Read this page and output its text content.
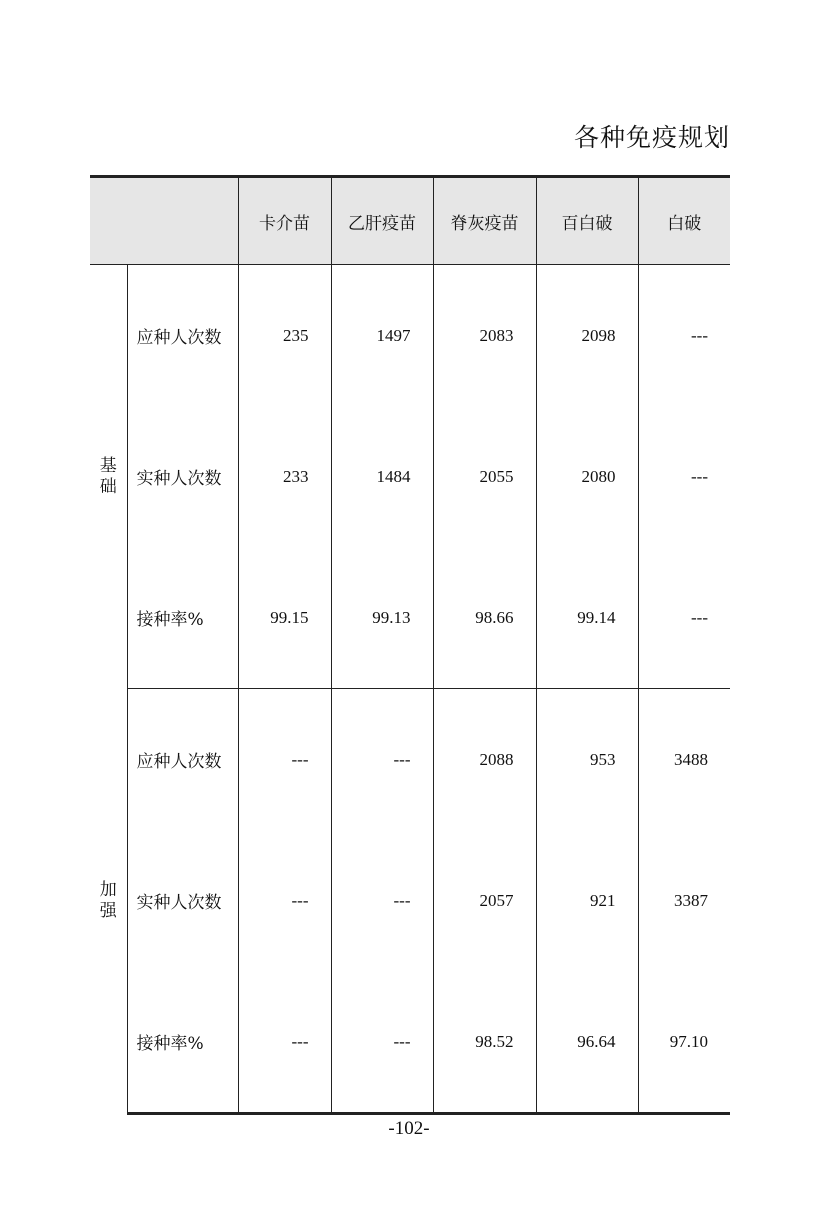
各种免疫规划
		卡介苗	乙肝疫苗	脊灰疫苗	百白破	白破
基础	应种人次数	235	1497	2083	2098	---
	实种人次数	233	1484	2055	2080	---
	接种率%	99.15	99.13	98.66	99.14	---
加强	应种人次数	---	---	2088	953	3488
	实种人次数	---	---	2057	921	3387
	接种率%	---	---	98.52	96.64	97.10
-102-
